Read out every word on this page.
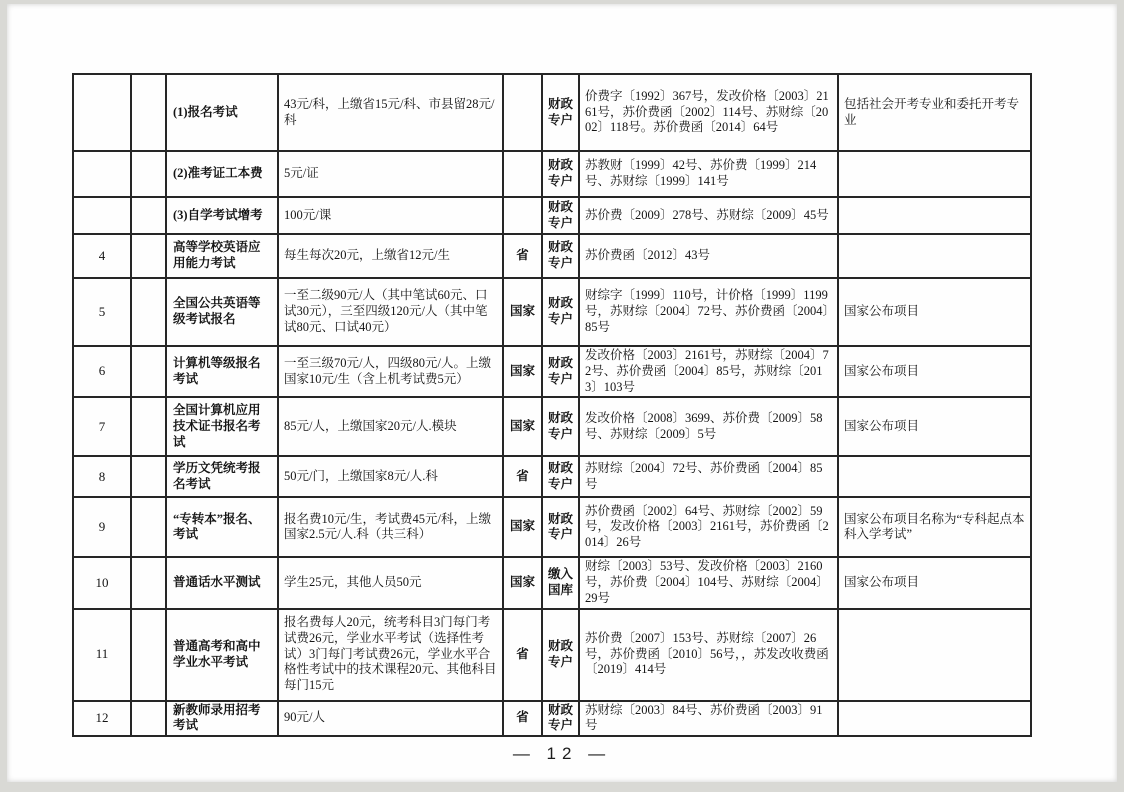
		(1)报名考试	43元/科，上缴省15元/科、市县留28元/科		财政专户	价费字〔1992〕367号，发改价格〔2003〕2161号，苏价费函〔2002〕114号、苏财综〔2002〕118号。苏价费函〔2014〕64号	包括社会开考专业和委托开考专业
		(2)准考证工本费	5元/证		财政专户	苏教财〔1999〕42号、苏价费〔1999〕214号、苏财综〔1999〕141号	
		(3)自学考试增考	100元/课		财政专户	苏价费〔2009〕278号、苏财综〔2009〕45号	
4		高等学校英语应用能力考试	每生每次20元，上缴省12元/生	省	财政专户	苏价费函〔2012〕43号	
5		全国公共英语等级考试报名	一至二级90元/人（其中笔试60元、口试30元），三至四级120元/人（其中笔试80元、口试40元）	国家	财政专户	财综字〔1999〕110号，计价格〔1999〕1199号，苏财综〔2004〕72号、苏价费函〔2004〕85号	国家公布项目
6		计算机等级报名考试	一至三级70元/人，四级80元/人。上缴国家10元/生（含上机考试费5元）	国家	财政专户	发改价格〔2003〕2161号，苏财综〔2004〕72号、苏价费函〔2004〕85号，苏财综〔2013〕103号	国家公布项目
7		全国计算机应用技术证书报名考试	85元/人，上缴国家20元/人.模块	国家	财政专户	发改价格〔2008〕3699、苏价费〔2009〕58号、苏财综〔2009〕5号	国家公布项目
8		学历文凭统考报名考试	50元/门，上缴国家8元/人.科	省	财政专户	苏财综〔2004〕72号、苏价费函〔2004〕85号	
9		“专转本”报名、考试	报名费10元/生，考试费45元/科，上缴国家2.5元/人.科（共三科）	国家	财政专户	苏价费函〔2002〕64号、苏财综〔2002〕59号，发改价格〔2003〕2161号，苏价费函〔2014〕26号	国家公布项目名称为“专科起点本科入学考试”
10		普通话水平测试	学生25元，其他人员50元	国家	缴入国库	财综〔2003〕53号、发改价格〔2003〕2160号，苏价费〔2004〕104号、苏财综〔2004〕29号	国家公布项目
11		普通高考和高中学业水平考试	报名费每人20元，统考科目3门每门考试费26元，学业水平考试（选择性考试）3门每门考试费26元，学业水平合格性考试中的技术课程20元、其他科目每门15元	省	财政专户	苏价费〔2007〕153号、苏财综〔2007〕26号，苏价费函〔2010〕56号，，苏发改收费函〔2019〕414号	
12		新教师录用招考考试	90元/人	省	财政专户	苏财综〔2003〕84号、苏价费函〔2003〕91号	
— 12 —
